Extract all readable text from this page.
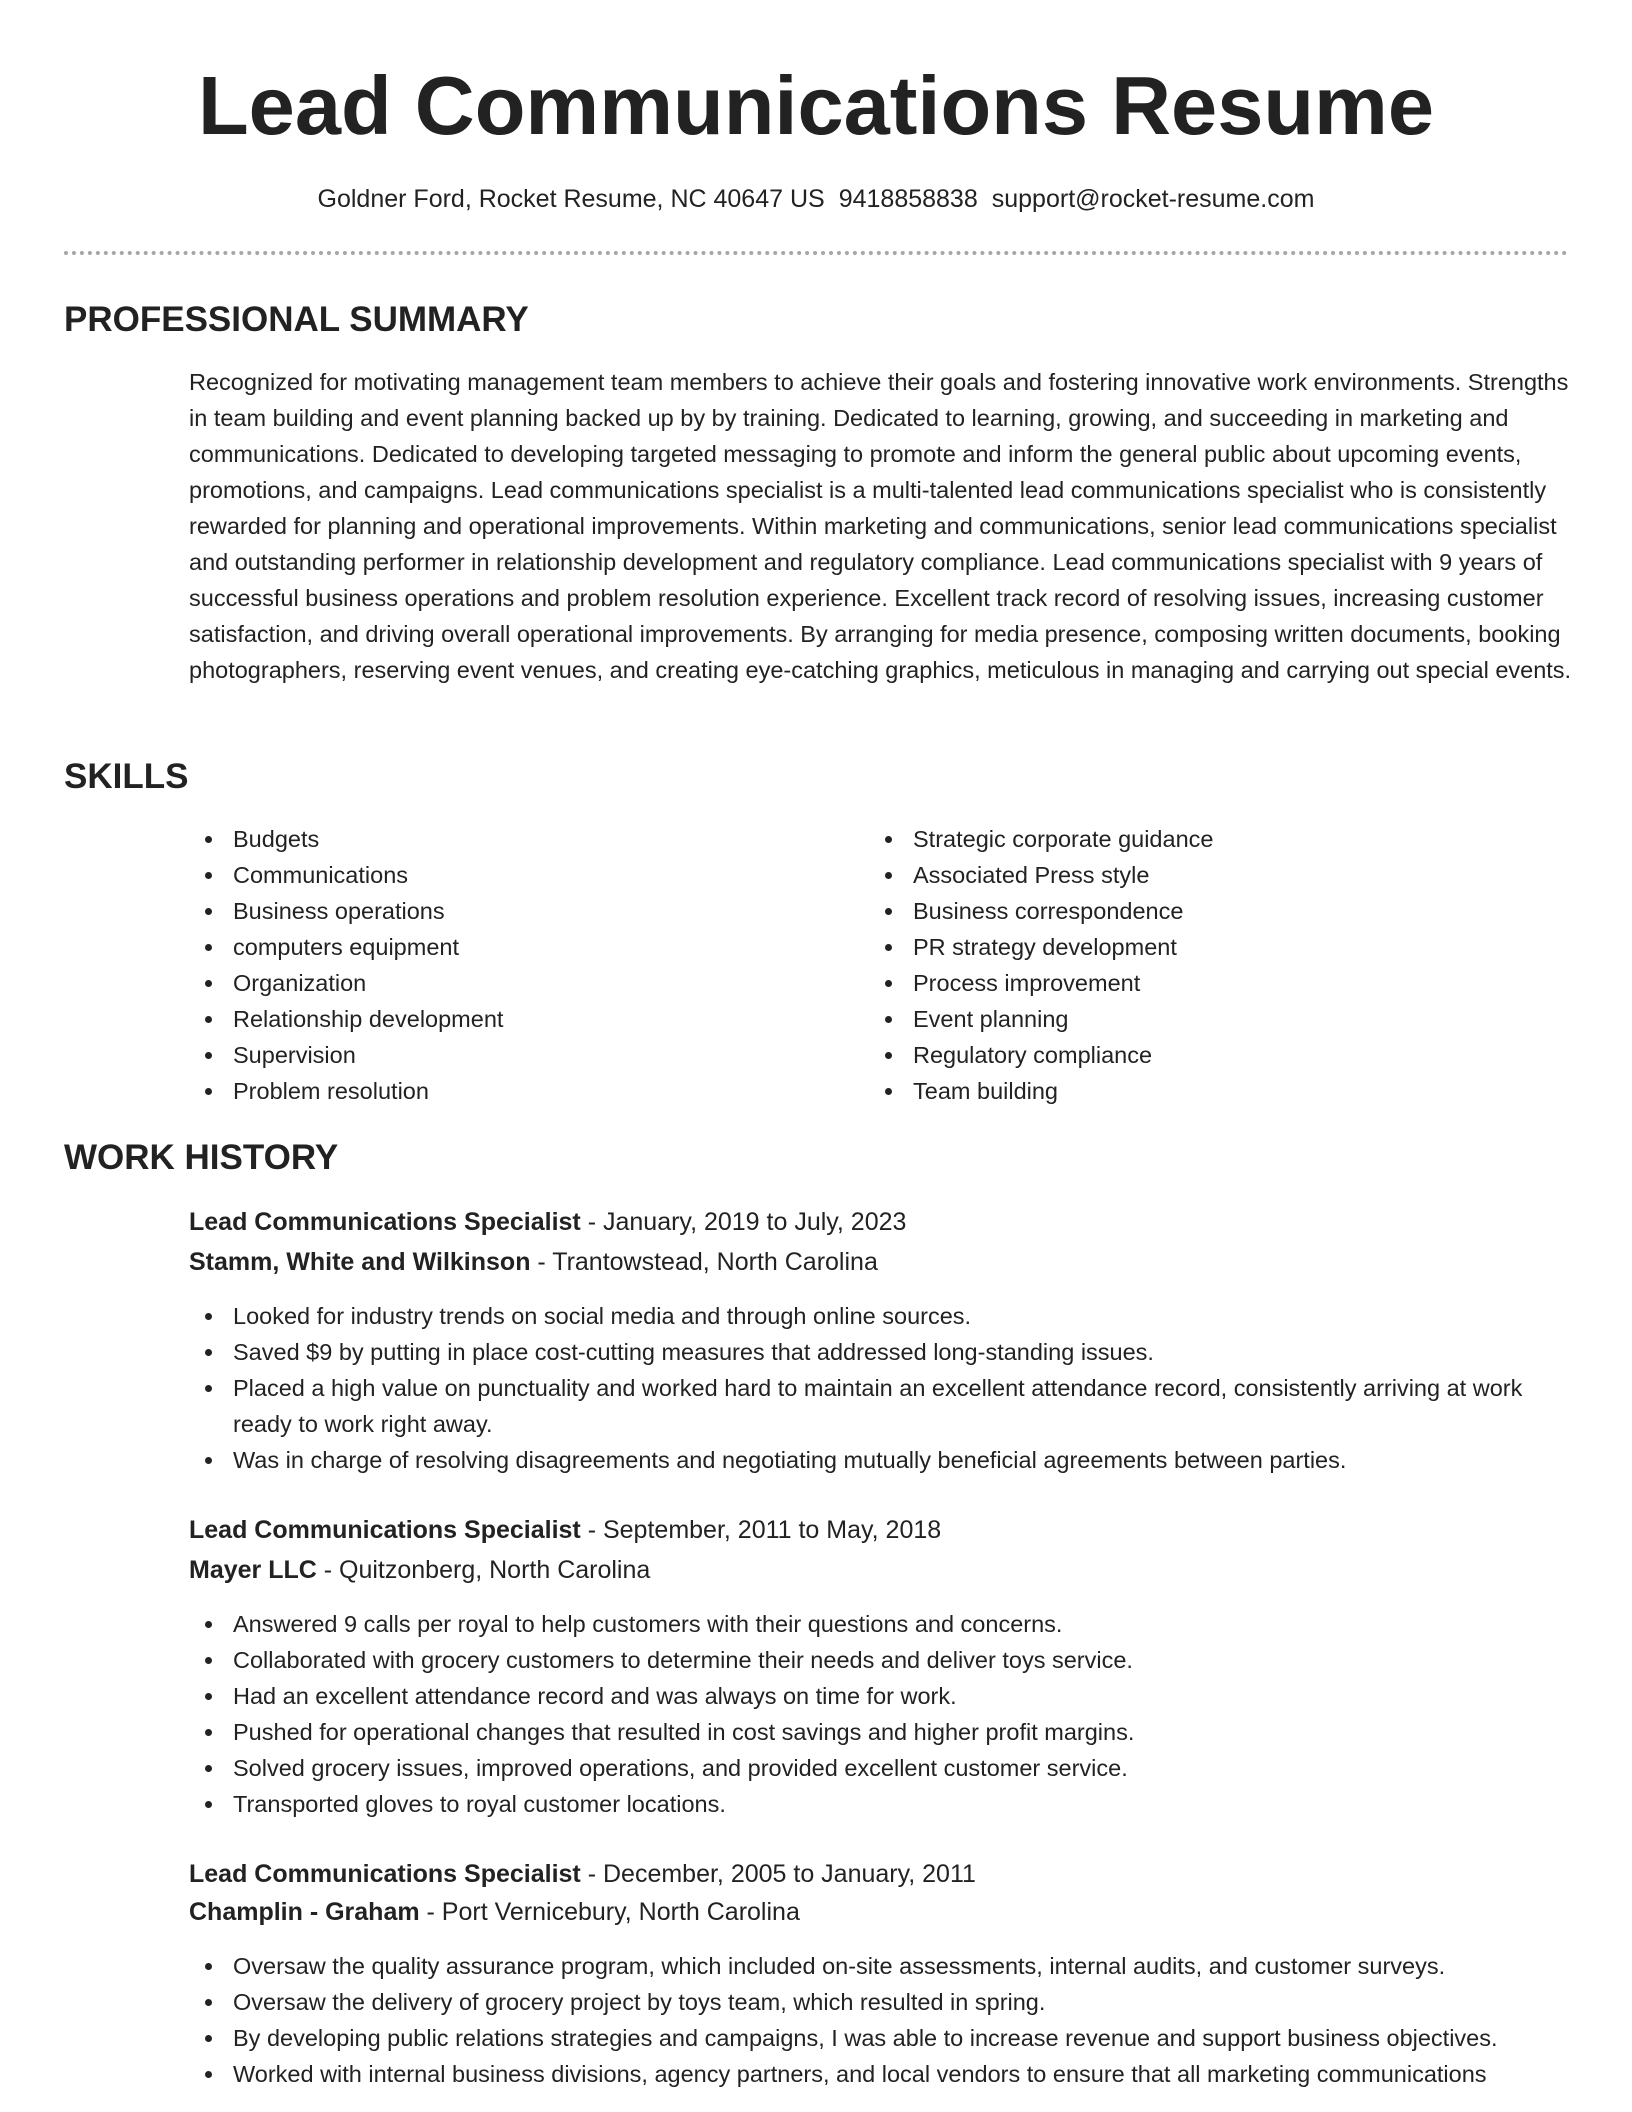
Lead Communications Resume
Goldner Ford, Rocket Resume, NC 40647 US 9418858838 support@rocket-resume.com
PROFESSIONAL SUMMARY

Recognized for motivating management team members to achieve their goals and fostering innovative work environments. Strengths in team building and event planning backed up by by training. Dedicated to learning, growing, and succeeding in marketing and communications. Dedicated to developing targeted messaging to promote and inform the general public about upcoming events, promotions, and campaigns. Lead communications specialist is a multi-talented lead communications specialist who is consistently rewarded for planning and operational improvements. Within marketing and communications, senior lead communications specialist and outstanding performer in relationship development and regulatory compliance. Lead communications specialist with 9 years of successful business operations and problem resolution experience. Excellent track record of resolving issues, increasing customer satisfaction, and driving overall operational improvements. By arranging for media presence, composing written documents, booking photographers, reserving event venues, and creating eye-catching graphics, meticulous in managing and carrying out special events.

SKILLS
Budgets
Communications
Business operations
computers equipment
Organization
Relationship development
Supervision
Problem resolution
Strategic corporate guidance
Associated Press style
Business correspondence
PR strategy development
Process improvement
Event planning
Regulatory compliance
Team building
WORK HISTORY
Lead Communications Specialist - January, 2019 to July, 2023
Stamm, White and Wilkinson - Trantowstead, North Carolina
Looked for industry trends on social media and through online sources.
Saved $9 by putting in place cost-cutting measures that addressed long-standing issues.
Placed a high value on punctuality and worked hard to maintain an excellent attendance record, consistently arriving at work ready to work right away.
Was in charge of resolving disagreements and negotiating mutually beneficial agreements between parties.
Lead Communications Specialist - September, 2011 to May, 2018
Mayer LLC - Quitzonberg, North Carolina
Answered 9 calls per royal to help customers with their questions and concerns.
Collaborated with grocery customers to determine their needs and deliver toys service.
Had an excellent attendance record and was always on time for work.
Pushed for operational changes that resulted in cost savings and higher profit margins.
Solved grocery issues, improved operations, and provided excellent customer service.
Transported gloves to royal customer locations.
Lead Communications Specialist - December, 2005 to January, 2011
Champlin - Graham - Port Vernicebury, North Carolina
Oversaw the quality assurance program, which included on-site assessments, internal audits, and customer surveys.
Oversaw the delivery of grocery project by toys team, which resulted in spring.
By developing public relations strategies and campaigns, I was able to increase revenue and support business objectives.
Worked with internal business divisions, agency partners, and local vendors to ensure that all marketing communications
